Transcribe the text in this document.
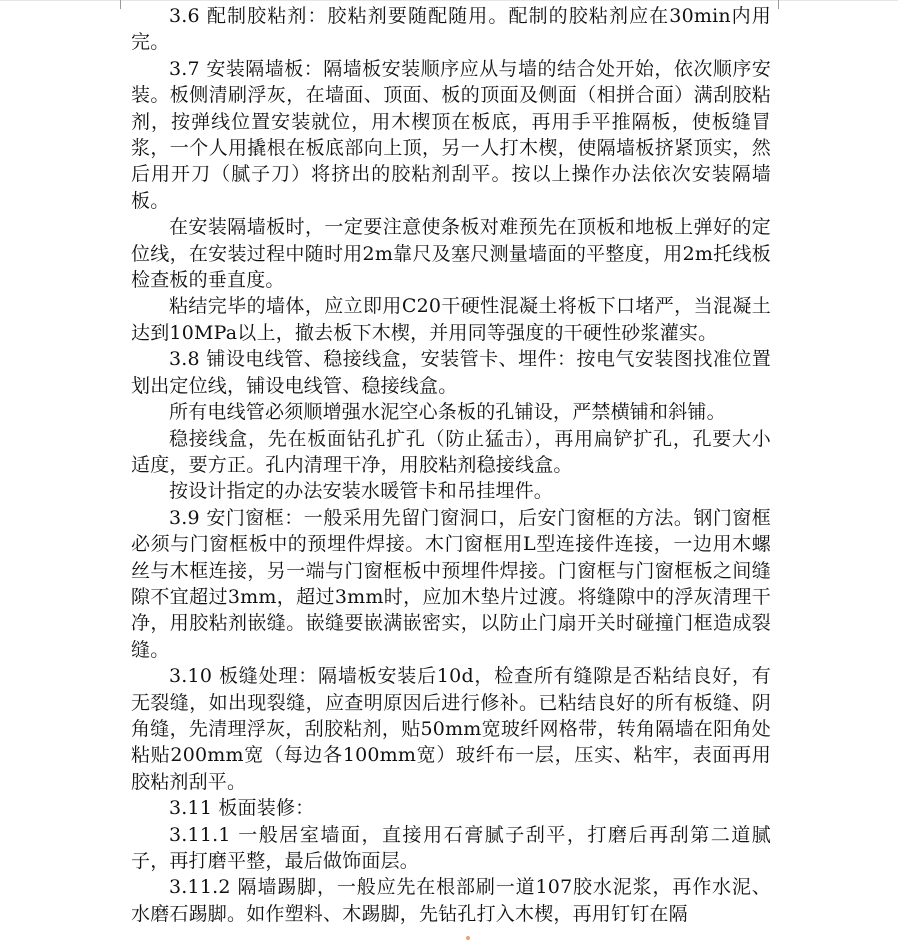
3.6 配制胶粘剂：胶粘剂要随配随用。配制的胶粘剂应在30min内用完。

3.7 安装隔墙板：隔墙板安装顺序应从与墙的结合处开始，依次顺序安装。板侧清刷浮灰，在墙面、顶面、板的顶面及侧面（相拼合面）满刮胶粘剂，按弹线位置安装就位，用木楔顶在板底，再用手平推隔板，使板缝冒浆，一个人用撬根在板底部向上顶，另一人打木楔，使隔墙板挤紧顶实，然后用开刀（腻子刀）将挤出的胶粘剂刮平。按以上操作办法依次安装隔墙板。

在安装隔墙板时，一定要注意使条板对难预先在顶板和地板上弹好的定位线，在安装过程中随时用2m靠尺及塞尺测量墙面的平整度，用2m托线板检查板的垂直度。

粘结完毕的墙体，应立即用C20干硬性混凝土将板下口堵严，当混凝土达到10MPa以上，撤去板下木楔，并用同等强度的干硬性砂浆灌实。

3.8 铺设电线管、稳接线盒，安装管卡、埋件：按电气安装图找准位置划出定位线，铺设电线管、稳接线盒。

所有电线管必须顺增强水泥空心条板的孔铺设，严禁横铺和斜铺。

稳接线盒，先在板面钻孔扩孔（防止猛击），再用扁铲扩孔，孔要大小适度，要方正。孔内清理干净，用胶粘剂稳接线盒。

按设计指定的办法安装水暖管卡和吊挂埋件。

3.9 安门窗框：一般采用先留门窗洞口，后安门窗框的方法。钢门窗框必须与门窗框板中的预埋件焊接。木门窗框用L型连接件连接，一边用木螺丝与木框连接，另一端与门窗框板中预埋件焊接。门窗框与门窗框板之间缝隙不宜超过3mm，超过3mm时，应加木垫片过渡。将缝隙中的浮灰清理干净，用胶粘剂嵌缝。嵌缝要嵌满嵌密实，以防止门扇开关时碰撞门框造成裂缝。

3.10 板缝处理：隔墙板安装后10d，检查所有缝隙是否粘结良好，有无裂缝，如出现裂缝，应查明原因后进行修补。已粘结良好的所有板缝、阴角缝，先清理浮灰，刮胶粘剂，贴50mm宽玻纤网格带，转角隔墙在阳角处粘贴200mm宽（每边各100mm宽）玻纤布一层，压实、粘牢，表面再用胶粘剂刮平。

3.11 板面装修：

3.11.1 一般居室墙面，直接用石膏腻子刮平，打磨后再刮第二道腻子，再打磨平整，最后做饰面层。

3.11.2 隔墙踢脚，一般应先在根部刷一道107胶水泥浆，再作水泥、水磨石踢脚。如作塑料、木踢脚，先钻孔打入木楔，再用钉钉在隔
